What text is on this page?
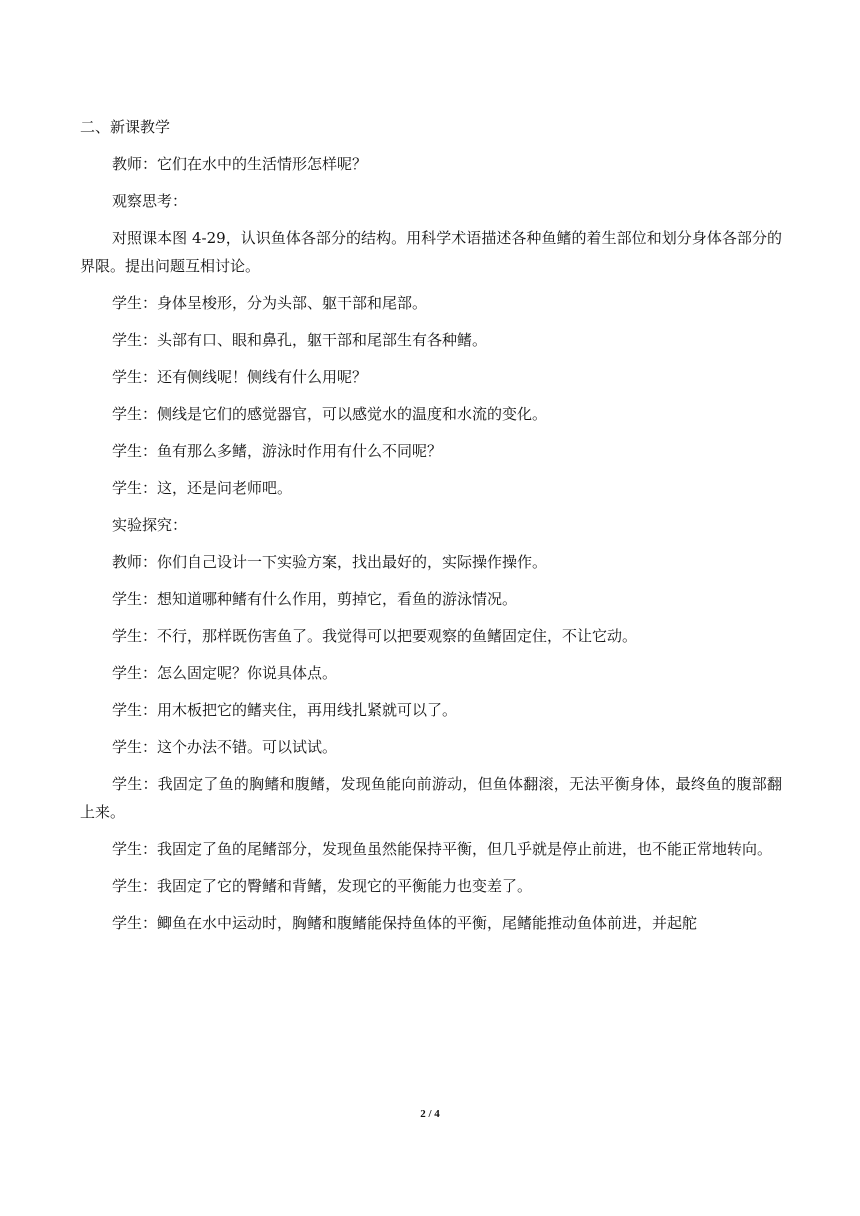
二、新课教学

教师：它们在水中的生活情形怎样呢？

观察思考：

对照课本图 4-29，认识鱼体各部分的结构。用科学术语描述各种鱼鳍的着生部位和划分身体各部分的界限。提出问题互相讨论。

学生：身体呈梭形，分为头部、躯干部和尾部。

学生：头部有口、眼和鼻孔，躯干部和尾部生有各种鳍。

学生：还有侧线呢！侧线有什么用呢？

学生：侧线是它们的感觉器官，可以感觉水的温度和水流的变化。

学生：鱼有那么多鳍，游泳时作用有什么不同呢？

学生：这，还是问老师吧。

实验探究：

教师：你们自己设计一下实验方案，找出最好的，实际操作操作。

学生：想知道哪种鳍有什么作用，剪掉它，看鱼的游泳情况。

学生：不行，那样既伤害鱼了。我觉得可以把要观察的鱼鳍固定住，不让它动。

学生：怎么固定呢？你说具体点。

学生：用木板把它的鳍夹住，再用线扎紧就可以了。

学生：这个办法不错。可以试试。

学生：我固定了鱼的胸鳍和腹鳍，发现鱼能向前游动，但鱼体翻滚，无法平衡身体，最终鱼的腹部翻上来。

学生：我固定了鱼的尾鳍部分，发现鱼虽然能保持平衡，但几乎就是停止前进，也不能正常地转向。

学生：我固定了它的臀鳍和背鳍，发现它的平衡能力也变差了。

学生：鲫鱼在水中运动时，胸鳍和腹鳍能保持鱼体的平衡，尾鳍能推动鱼体前进，并起舵

2 / 4
